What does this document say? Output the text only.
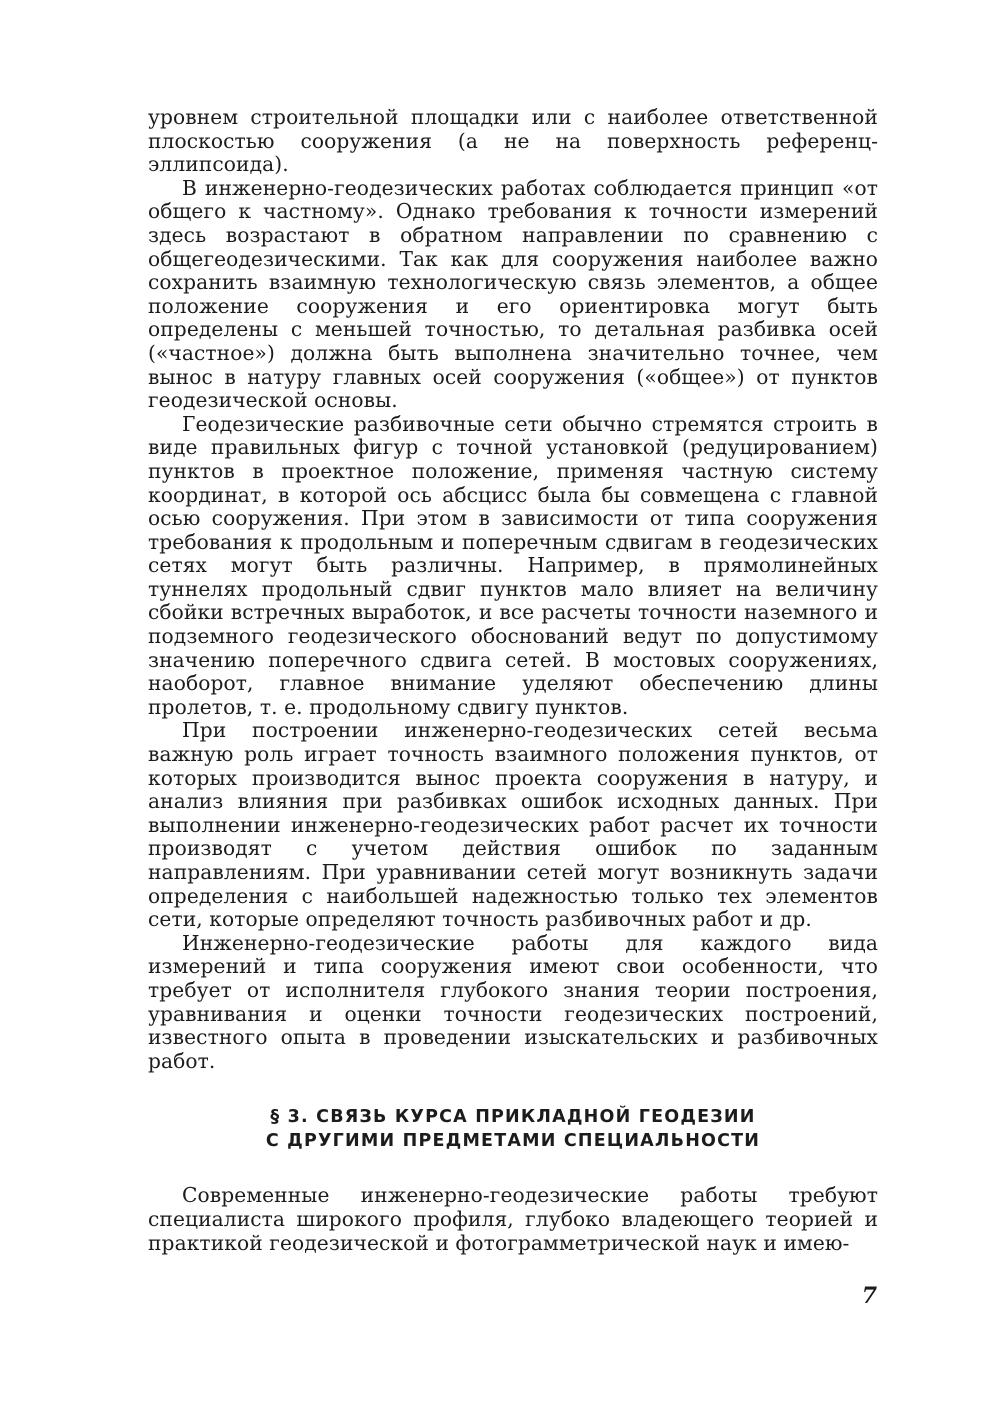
уровнем строительной площадки или с наиболее ответственной плоскостью сооружения (а не на поверхность референц-эллипсоида).

В инженерно-геодезических работах соблюдается принцип «от общего к частному». Однако требования к точности измерений здесь возрастают в обратном направлении по сравнению с общегеодезическими. Так как для сооружения наиболее важно сохранить взаимную технологическую связь элементов, а общее положение сооружения и его ориентировка могут быть определены с меньшей точностью, то детальная разбивка осей («частное») должна быть выполнена значительно точнее, чем вынос в натуру главных осей сооружения («общее») от пунктов геодезической основы.

Геодезические разбивочные сети обычно стремятся строить в виде правильных фигур с точной установкой (редуцированием) пунктов в проектное положение, применяя частную систему координат, в которой ось абсцисс была бы совмещена с главной осью сооружения. При этом в зависимости от типа сооружения требования к продольным и поперечным сдвигам в геодезических сетях могут быть различны. Например, в прямолинейных туннелях продольный сдвиг пунктов мало влияет на величину сбойки встречных выработок, и все расчеты точности наземного и подземного геодезического обоснований ведут по допустимому значению поперечного сдвига сетей. В мостовых сооружениях, наоборот, главное внимание уделяют обеспечению длины пролетов, т. е. продольному сдвигу пунктов.

При построении инженерно-геодезических сетей весьма важную роль играет точность взаимного положения пунктов, от которых производится вынос проекта сооружения в натуру, и анализ влияния при разбивках ошибок исходных данных. При выполнении инженерно-геодезических работ расчет их точности производят с учетом действия ошибок по заданным направлениям. При уравнивании сетей могут возникнуть задачи определения с наибольшей надежностью только тех элементов сети, которые определяют точность разбивочных работ и др.

Инженерно-геодезические работы для каждого вида измерений и типа сооружения имеют свои особенности, что требует от исполнителя глубокого знания теории построения, уравнивания и оценки точности геодезических построений, известного опыта в проведении изыскательских и разбивочных работ.

§ 3. СВЯЗЬ КУРСА ПРИКЛАДНОЙ ГЕОДЕЗИИ
С ДРУГИМИ ПРЕДМЕТАМИ СПЕЦИАЛЬНОСТИ

Современные инженерно-геодезические работы требуют специалиста широкого профиля, глубоко владеющего теорией и практикой геодезической и фотограмметрической наук и имею-

7
